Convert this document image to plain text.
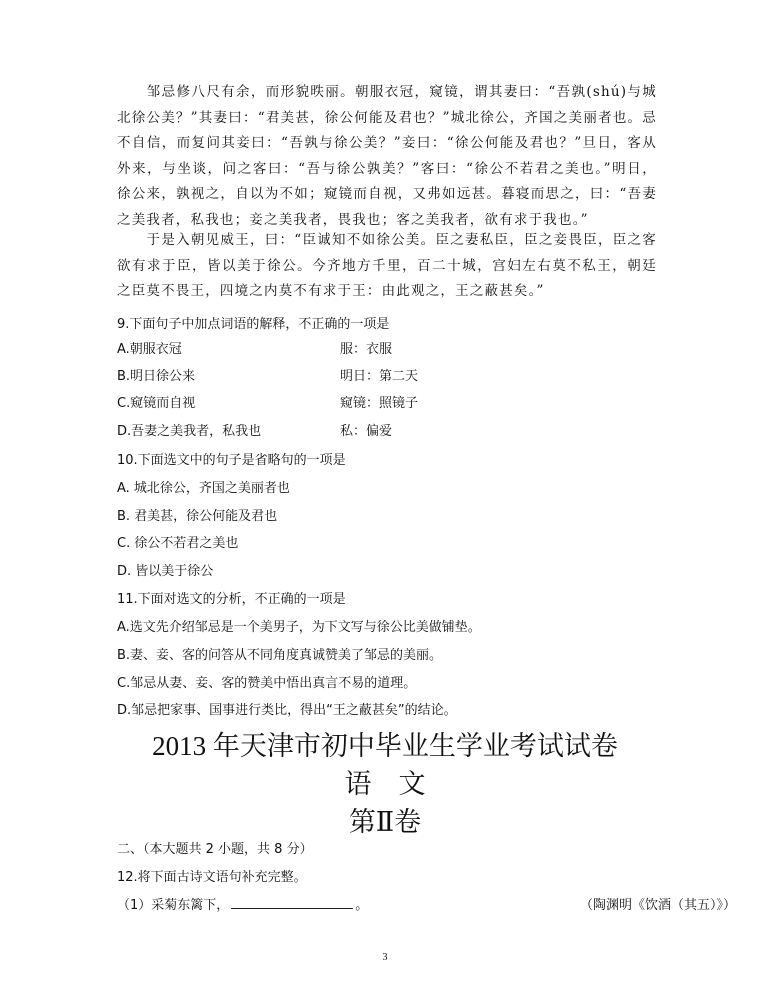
　　邹忌修八尺有余，而形貌昳丽。朝服衣冠，窥镜，谓其妻曰：“吾孰(shú)与城北徐公美？”其妻曰：“君美甚，徐公何能及君也？”城北徐公，齐国之美丽者也。忌不自信，而复问其妾曰：“吾孰与徐公美？”妾曰：“徐公何能及君也？”旦日，客从外来，与坐谈，问之客曰：“吾与徐公孰美？”客曰：“徐公不若君之美也。”明日，徐公来，孰视之，自以为不如；窥镜而自视，又弗如远甚。暮寝而思之，曰：“吾妻之美我者，私我也；妾之美我者，畏我也；客之美我者，欲有求于我也。”
　　于是入朝见威王，曰：“臣诚知不如徐公美。臣之妻私臣，臣之妾畏臣，臣之客欲有求于臣，皆以美于徐公。今齐地方千里，百二十城，宫妇左右莫不私王，朝廷之臣莫不畏王，四境之内莫不有求于王：由此观之，王之蔽甚矣。”
9.下面句子中加点词语的解释，不正确的一项是
A.朝服衣冠	服：衣服
B.明日徐公来	明日：第二天
C.窥镜而自视	窥镜：照镜子
D.吾妻之美我者，私我也	私：偏爱
10.下面选文中的句子是省略句的一项是
A. 城北徐公，齐国之美丽者也
B. 君美甚，徐公何能及君也
C. 徐公不若君之美也
D. 皆以美于徐公
11.下面对选文的分析，不正确的一项是
A.选文先介绍邹忌是一个美男子，为下文写与徐公比美做铺垫。
B.妻、妾、客的问答从不同角度真诚赞美了邹忌的美丽。
C.邹忌从妻、妾、客的赞美中悟出真言不易的道理。
D.邹忌把家事、国事进行类比，得出“王之蔽甚矣”的结论。
2013 年天津市初中毕业生学业考试试卷
语　文
第Ⅱ卷
二、（本大题共 2 小题，共 8 分）
12.将下面古诗文语句补充完整。
（1）采菊东篱下，	。	（陶渊明《饮酒（其五）》）
3
